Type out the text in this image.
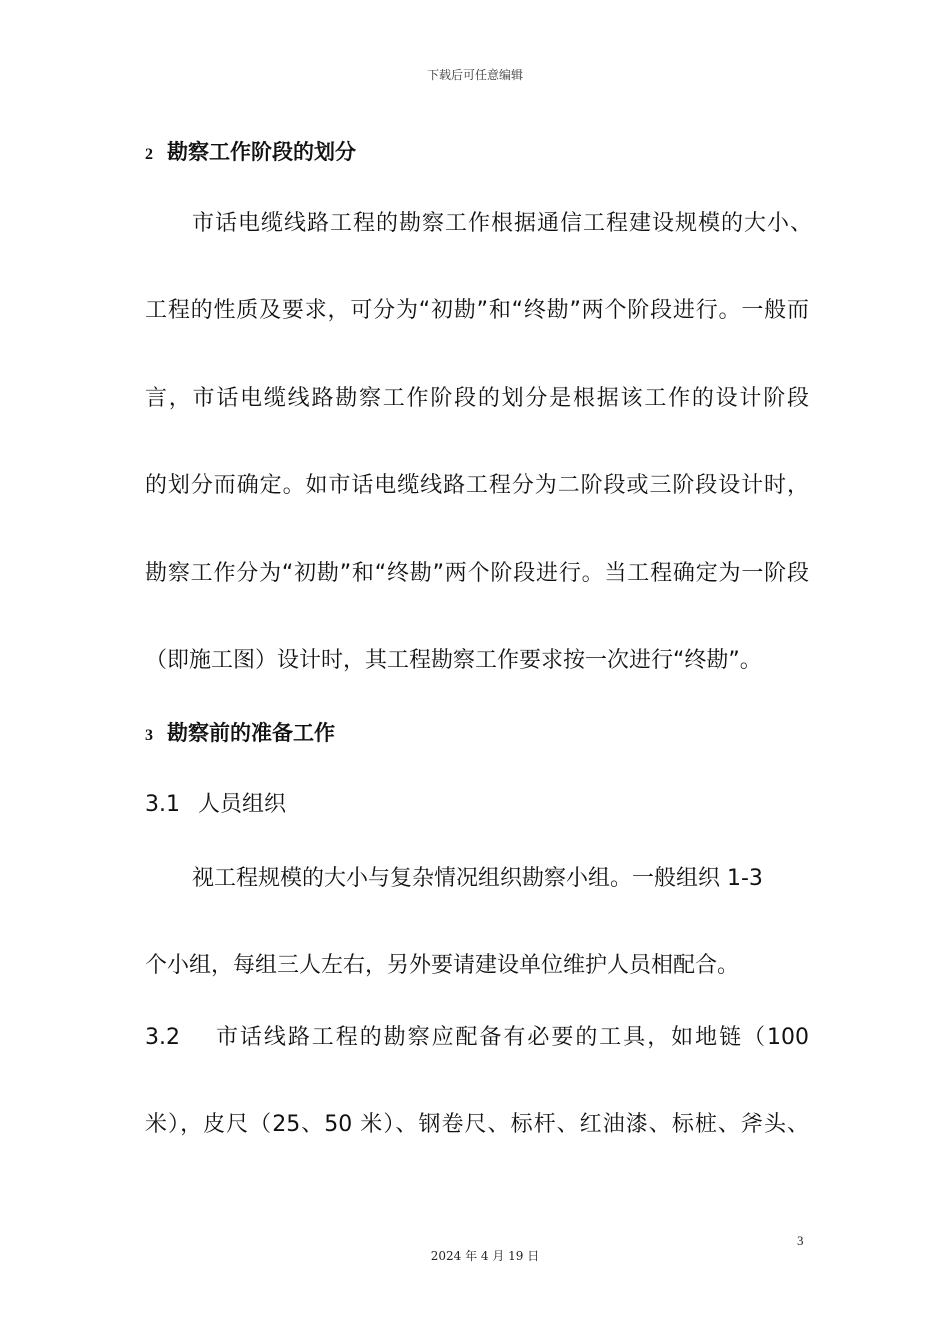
下载后可任意编辑
2 勘察工作阶段的划分
市话电缆线路工程的勘察工作根据通信工程建设规模的大小、
工程的性质及要求，可分为“初勘”和“终勘”两个阶段进行。一般而
言，市话电缆线路勘察工作阶段的划分是根据该工作的设计阶段
的划分而确定。如市话电缆线路工程分为二阶段或三阶段设计时，
勘察工作分为“初勘”和“终勘”两个阶段进行。当工程确定为一阶段
（即施工图）设计时，其工程勘察工作要求按一次进行“终勘”。
3 勘察前的准备工作
3.1 人员组织
视工程规模的大小与复杂情况组织勘察小组。一般组织 1-3
个小组，每组三人左右，另外要请建设单位维护人员相配合。
3.2 市话线路工程的勘察应配备有必要的工具，如地链（100
米），皮尺（25、50 米）、钢卷尺、标杆、红油漆、标桩、斧头、
3
2024 年 4 月 19 日
